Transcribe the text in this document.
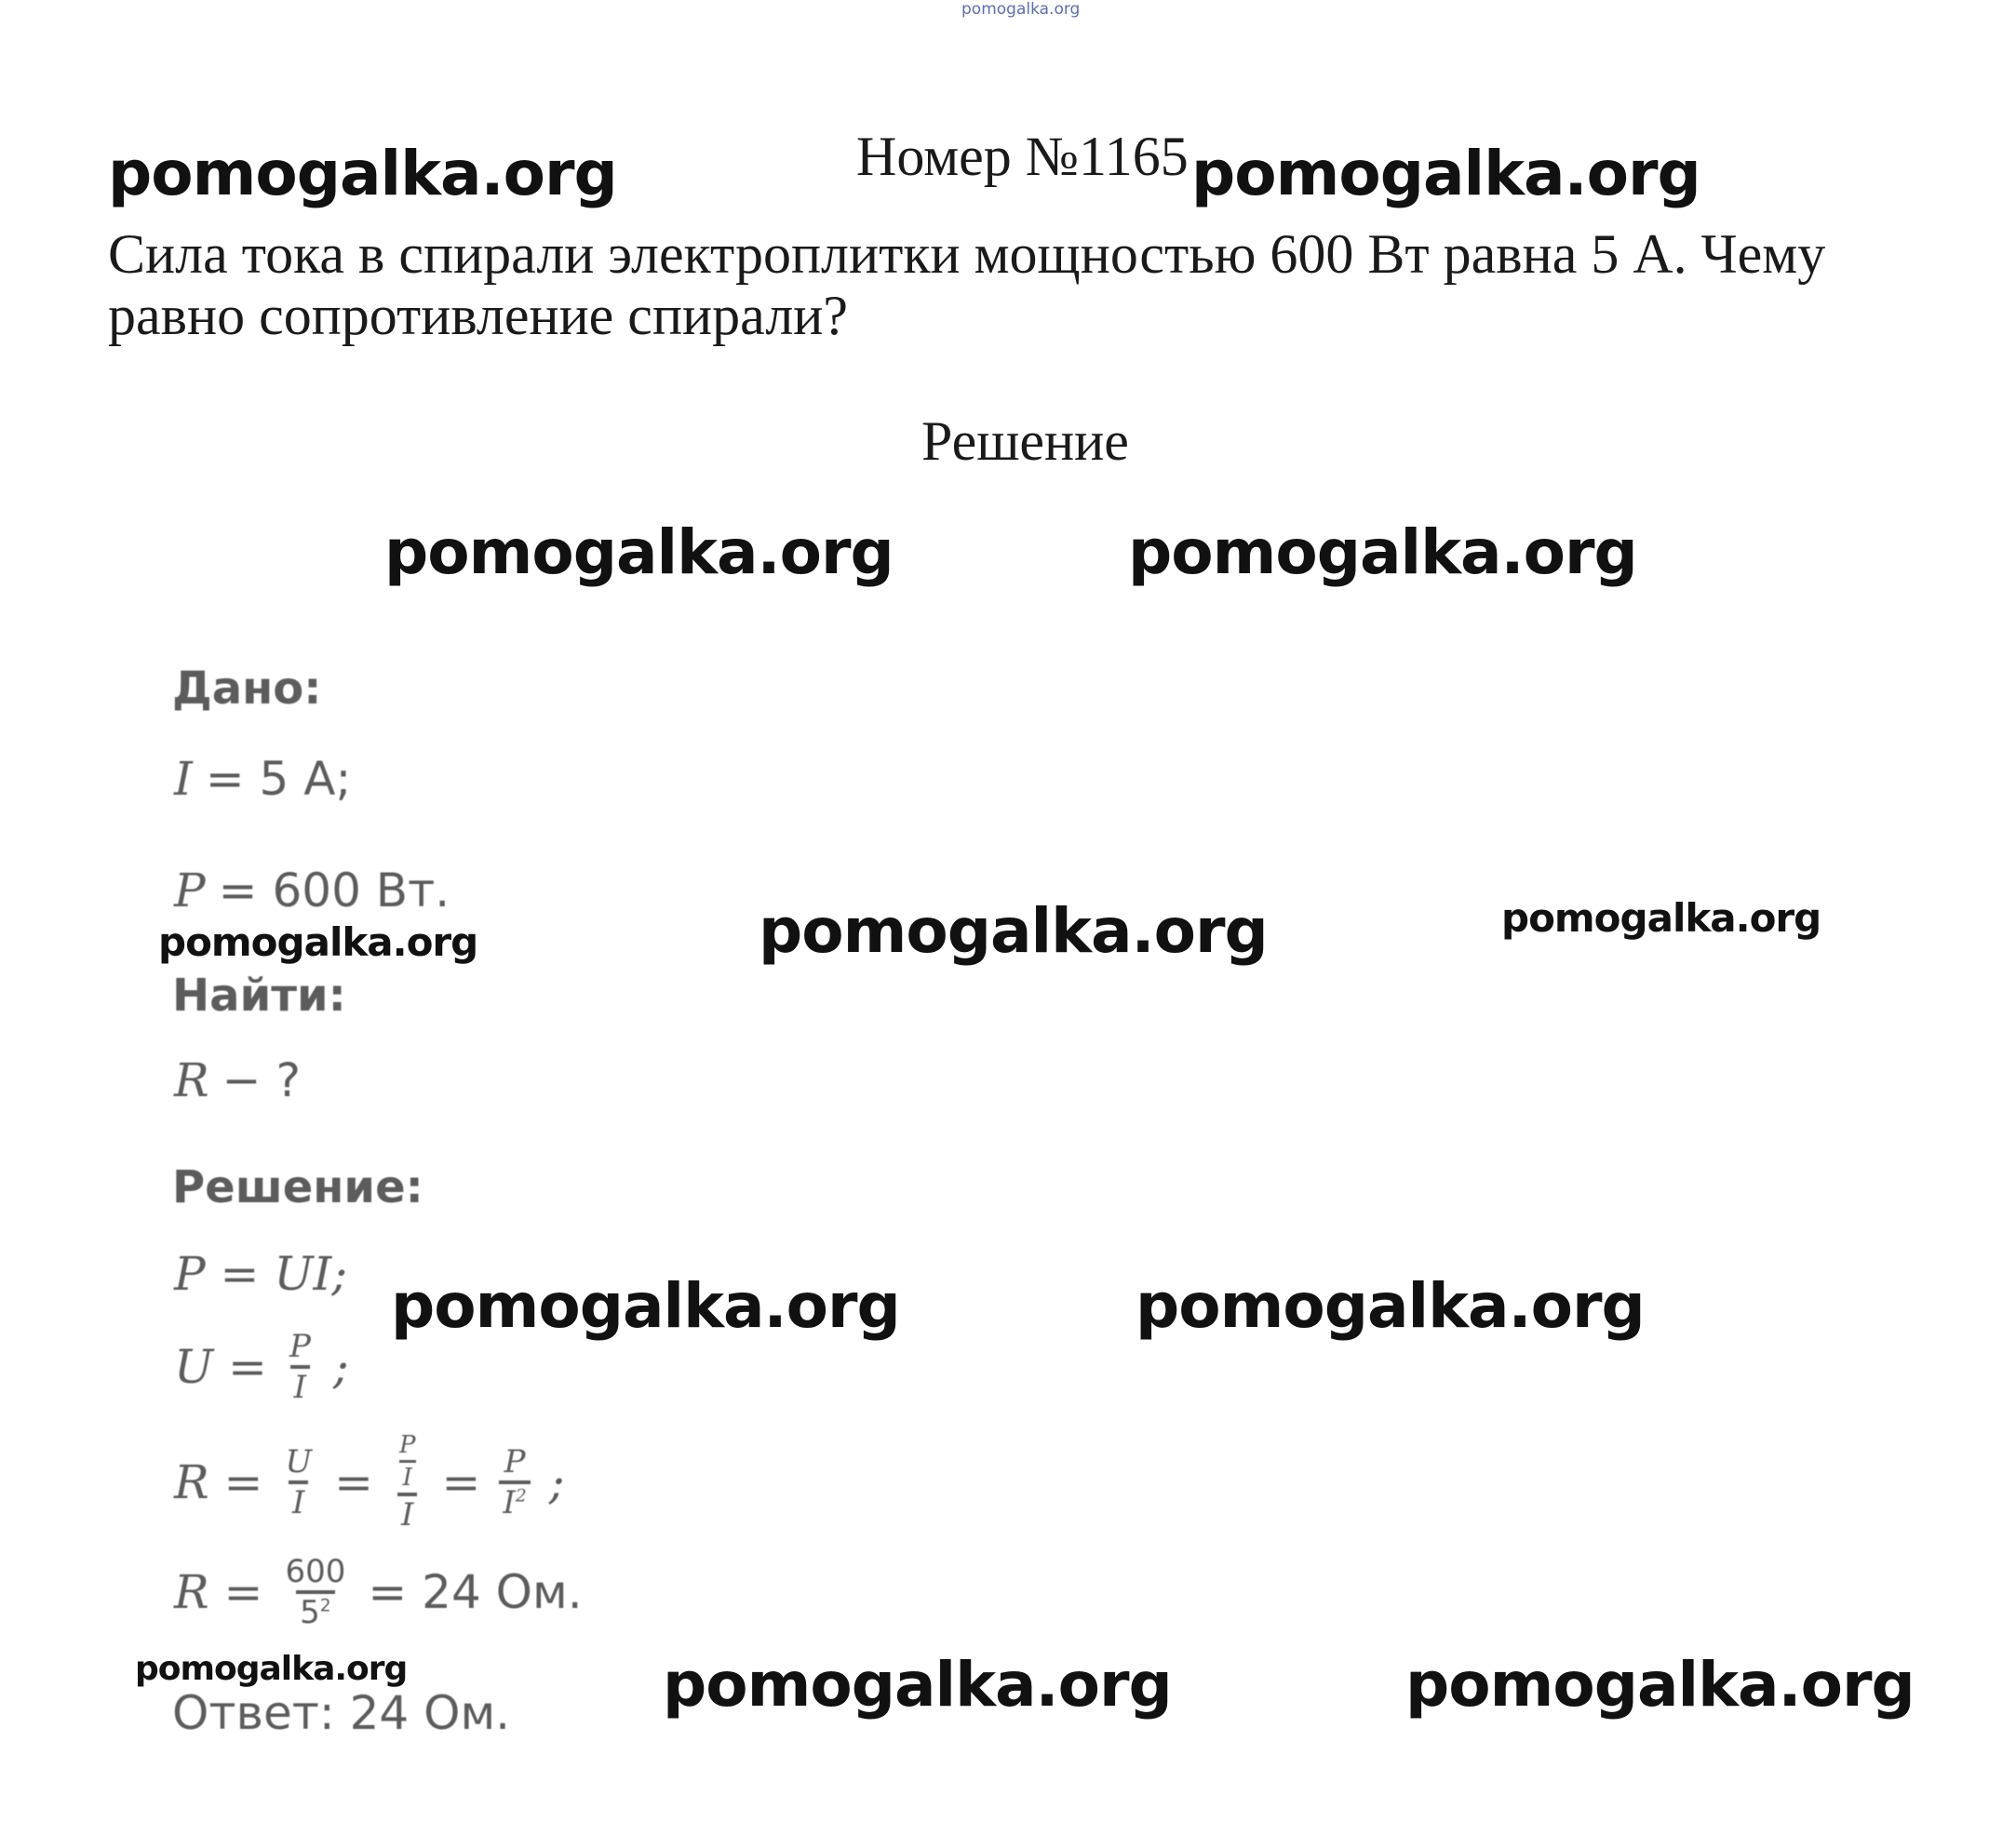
pomogalka.org
pomogalka.org	Номер №1165 pomogalka.org
Сила тока в спирали электроплитки мощностью 600 Вт равна 5 А. Чему равно сопротивление спирали?
Решение
pomogalka.org	pomogalka.org
Дано:
I = 5 А;
P = 600 Вт.
pomogalka.org	pomogalka.org	pomogalka.org
Найти:
R − ?
Решение:
P = UI; pomogalka.org	pomogalka.org
$U = \frac{P}{I}$ ;
$R = \frac{U}{I} = \frac{\frac{P}{I}}{I} = \frac{P}{I^2}$ ;
$R = \frac{600}{5^2} = 24$ Ом.
pomogalka.org	pomogalka.org	pomogalka.org
Ответ: 24 Ом.
